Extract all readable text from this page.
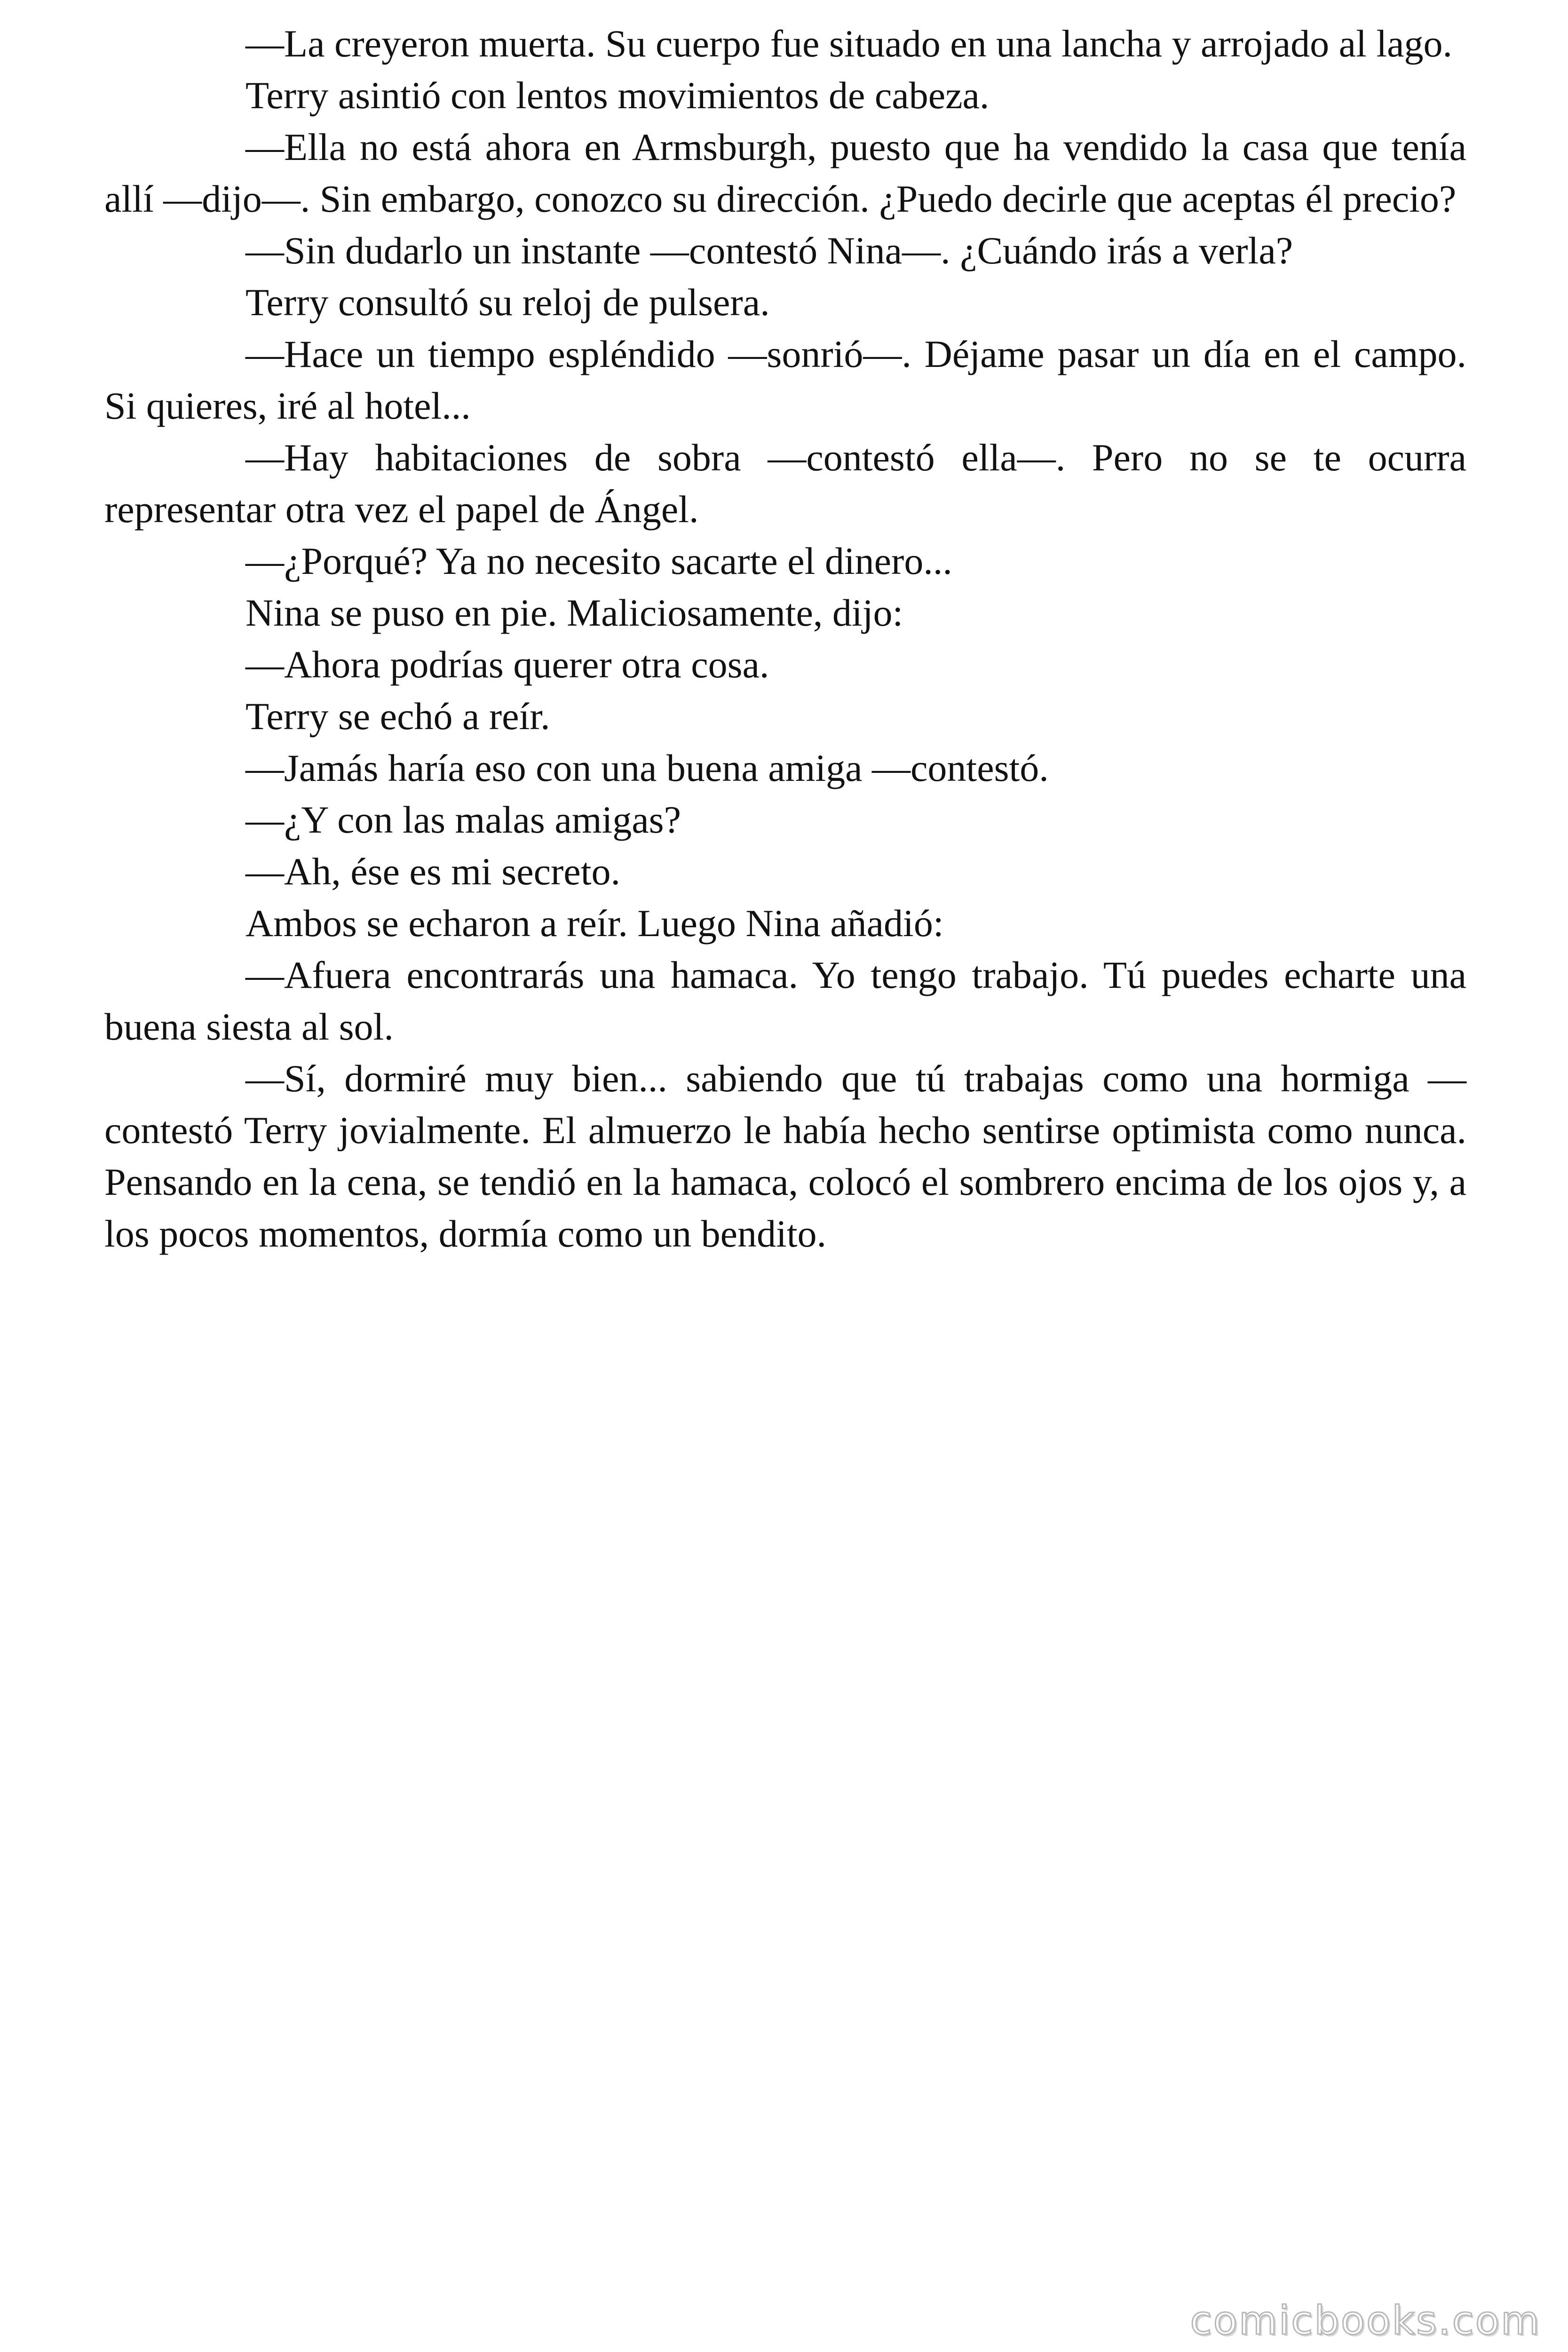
—La creyeron muerta. Su cuerpo fue situado en una lancha y arrojado al lago.

Terry asintió con lentos movimientos de cabeza.

—Ella no está ahora en Armsburgh, puesto que ha vendido la casa que tenía allí —dijo—. Sin embargo, conozco su dirección. ¿Puedo decirle que aceptas él precio?

—Sin dudarlo un instante —contestó Nina—. ¿Cuándo irás a verla?

Terry consultó su reloj de pulsera.

—Hace un tiempo espléndido —sonrió—. Déjame pasar un día en el campo. Si quieres, iré al hotel...

—Hay habitaciones de sobra —contestó ella—. Pero no se te ocurra representar otra vez el papel de Ángel.

—¿Porqué? Ya no necesito sacarte el dinero...

Nina se puso en pie. Maliciosamente, dijo:

—Ahora podrías querer otra cosa.

Terry se echó a reír.

—Jamás haría eso con una buena amiga —contestó.

—¿Y con las malas amigas?

—Ah, ése es mi secreto.

Ambos se echaron a reír. Luego Nina añadió:

—Afuera encontrarás una hamaca. Yo tengo trabajo. Tú puedes echarte una buena siesta al sol.

—Sí, dormiré muy bien... sabiendo que tú trabajas como una hormiga —contestó Terry jovialmente. El almuerzo le había hecho sentirse optimista como nunca. Pensando en la cena, se tendió en la hamaca, colocó el sombrero encima de los ojos y, a los pocos momentos, dormía como un bendito.

comicbooks.com
